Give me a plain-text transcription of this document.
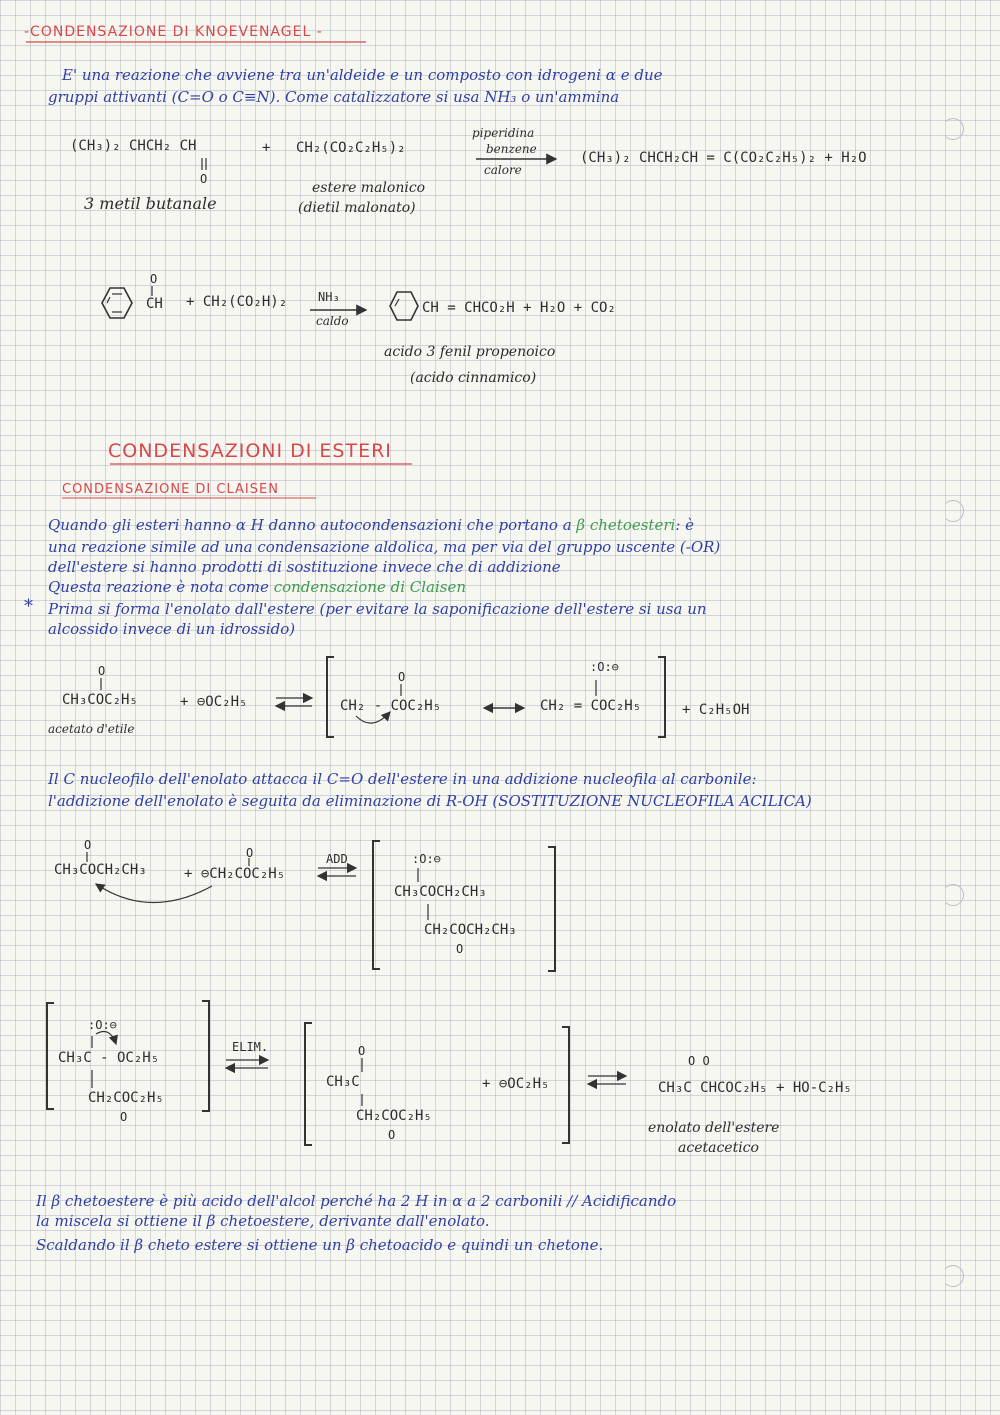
-CONDENSAZIONE DI KNOEVENAGEL -
E' una reazione che avviene tra un'aldeide e un composto con idrogeni α e due
gruppi attivanti (C=O o C≡N). Come catalizzatore si usa NH₃ o un'ammina
(CH₃)₂ CHCH₂ CH
O
+ CH₂(CO₂C₂H₅)₂
piperidina
benzene
calore
(CH₃)₂ CHCH₂CH = C(CO₂C₂H₅)₂ + H₂O
3 metil butanale
estere malonico
(dietil malonato)
O
CH + CH₂(CO₂H)₂	NH₃
caldo
CH = CHCO₂H + H₂O + CO₂
acido 3 fenil propenoico
(acido cinnamico)
CONDENSAZIONI DI ESTERI
CONDENSAZIONE DI CLAISEN
Quando gli esteri hanno α H danno autocondensazioni che portano a β chetoesteri: è
una reazione simile ad una condensazione aldolica, ma per via del gruppo uscente (-OR)
dell'estere si hanno prodotti di sostituzione invece che di addizione
Questa reazione è nota come condensazione di Claisen
* Prima si forma l'enolato dall'estere (per evitare la saponificazione dell'estere si usa un
alcossido invece di un idrossido)
O
CH₃COC₂H₅	+ ⊖OC₂H₅
acetato d'etile
O
CH₂ - COC₂H₅
:O:⊖
CH₂ = COC₂H₅	+ C₂H₅OH
Il C nucleofilo dell'enolato attacca il C=O dell'estere in una addizione nucleofila al carbonile:
l'addizione dell'enolato è seguita da eliminazione di R-OH (SOSTITUZIONE NUCLEOFILA ACILICA)
O
CH₃COCH₂CH₃
O
+ ⊖CH₂COC₂H₅
ADD	:O:⊖
CH₃COCH₂CH₃
CH₂COCH₂CH₃
O
:O:⊖
CH₃C - OC₂H₅
CH₂COC₂H₅
O
ELIM.	O
CH₃C
CH₂COC₂H₅
O
+ ⊖OC₂H₅
O O
CH₃C CHCOC₂H₅ + HO-C₂H₅
enolato dell'estere
acetacetico
Il β chetoestere è più acido dell'alcol perché ha 2 H in α a 2 carbonili // Acidificando
la miscela si ottiene il β chetoestere, derivante dall'enolato.
Scaldando il β cheto estere si ottiene un β chetoacido e quindi un chetone.
